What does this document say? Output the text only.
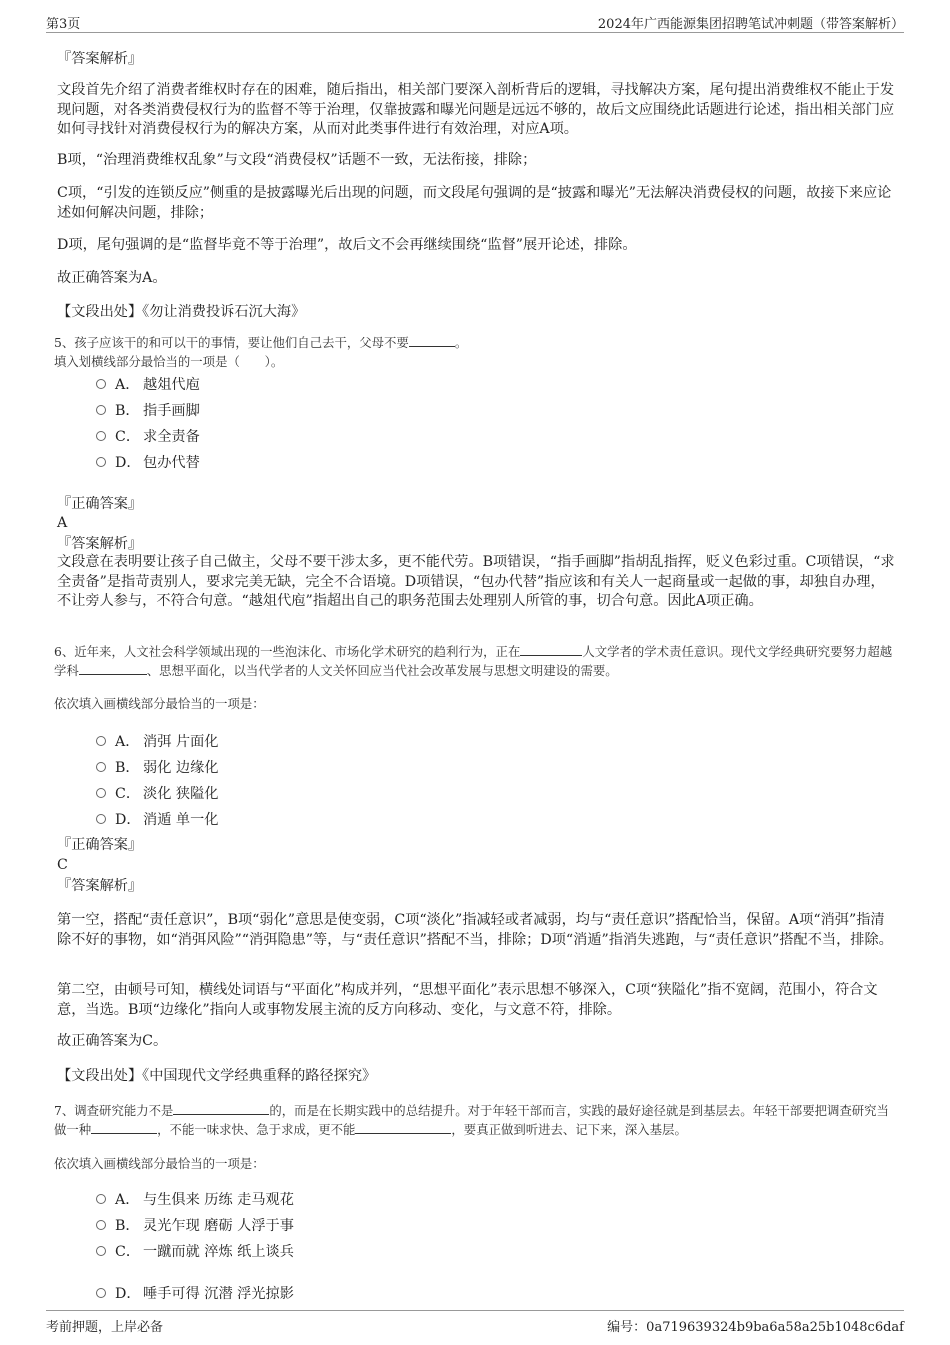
第3页	2024年广西能源集团招聘笔试冲刺题（带答案解析）

『答案解析』

文段首先介绍了消费者维权时存在的困难，随后指出，相关部门要深入剖析背后的逻辑，寻找解决方案，尾句提出消费维权不能止于发现问题，对各类消费侵权行为的监督不等于治理，仅靠披露和曝光问题是远远不够的，故后文应围绕此话题进行论述，指出相关部门应如何寻找针对消费侵权行为的解决方案，从而对此类事件进行有效治理，对应A项。

B项，“治理消费维权乱象”与文段“消费侵权”话题不一致，无法衔接，排除；

C项，“引发的连锁反应”侧重的是披露曝光后出现的问题，而文段尾句强调的是“披露和曝光”无法解决消费侵权的问题，故接下来应论述如何解决问题，排除；

D项，尾句强调的是“监督毕竟不等于治理”，故后文不会再继续围绕“监督”展开论述，排除。

故正确答案为A。

【文段出处】《勿让消费投诉石沉大海》

5、孩子应该干的和可以干的事情，要让他们自己去干，父母不要	。

填入划横线部分最恰当的一项是（　　）。

A． 越俎代庖
B． 指手画脚
C． 求全责备
D． 包办代替

『正确答案』

A

『答案解析』

文段意在表明要让孩子自己做主，父母不要干涉太多，更不能代劳。B项错误，“指手画脚”指胡乱指挥，贬义色彩过重。C项错误，“求全责备”是指苛责别人，要求完美无缺，完全不合语境。D项错误，“包办代替”指应该和有关人一起商量或一起做的事，却独自办理，不让旁人参与，不符合句意。“越俎代庖”指超出自己的职务范围去处理别人所管的事，切合句意。因此A项正确。

6、近年来，人文社会科学领域出现的一些泡沫化、市场化学术研究的趋利行为，正在	人文学者的学术责任意识。现代文学经典研究要努力超越学科	、思想平面化，以当代学者的人文关怀回应当代社会改革发展与思想文明建设的需要。

依次填入画横线部分最恰当的一项是：

A． 消弭 片面化
B． 弱化 边缘化
C． 淡化 狭隘化
D． 消遁 单一化

『正确答案』

C

『答案解析』

第一空，搭配“责任意识”，B项“弱化”意思是使变弱，C项“淡化”指减轻或者减弱，均与“责任意识”搭配恰当，保留。A项“消弭”指清除不好的事物，如“消弭风险”“消弭隐患”等，与“责任意识”搭配不当，排除；D项“消遁”指消失逃跑，与“责任意识”搭配不当，排除。

第二空，由顿号可知，横线处词语与“平面化”构成并列，“思想平面化”表示思想不够深入，C项“狭隘化”指不宽阔，范围小，符合文意，当选。B项“边缘化”指向人或事物发展主流的反方向移动、变化，与文意不符，排除。

故正确答案为C。

【文段出处】《中国现代文学经典重释的路径探究》

7、调查研究能力不是	的，而是在长期实践中的总结提升。对于年轻干部而言，实践的最好途径就是到基层去。年轻干部要把调查研究当做一种	，不能一味求快、急于求成，更不能	，要真正做到听进去、记下来，深入基层。

依次填入画横线部分最恰当的一项是：

A． 与生俱来 历练 走马观花
B． 灵光乍现 磨砺 人浮于事
C． 一蹴而就 淬炼 纸上谈兵
D． 唾手可得 沉潜 浮光掠影
考前押题，上岸必备	编号：0a719639324b9ba6a58a25b1048c6daf
